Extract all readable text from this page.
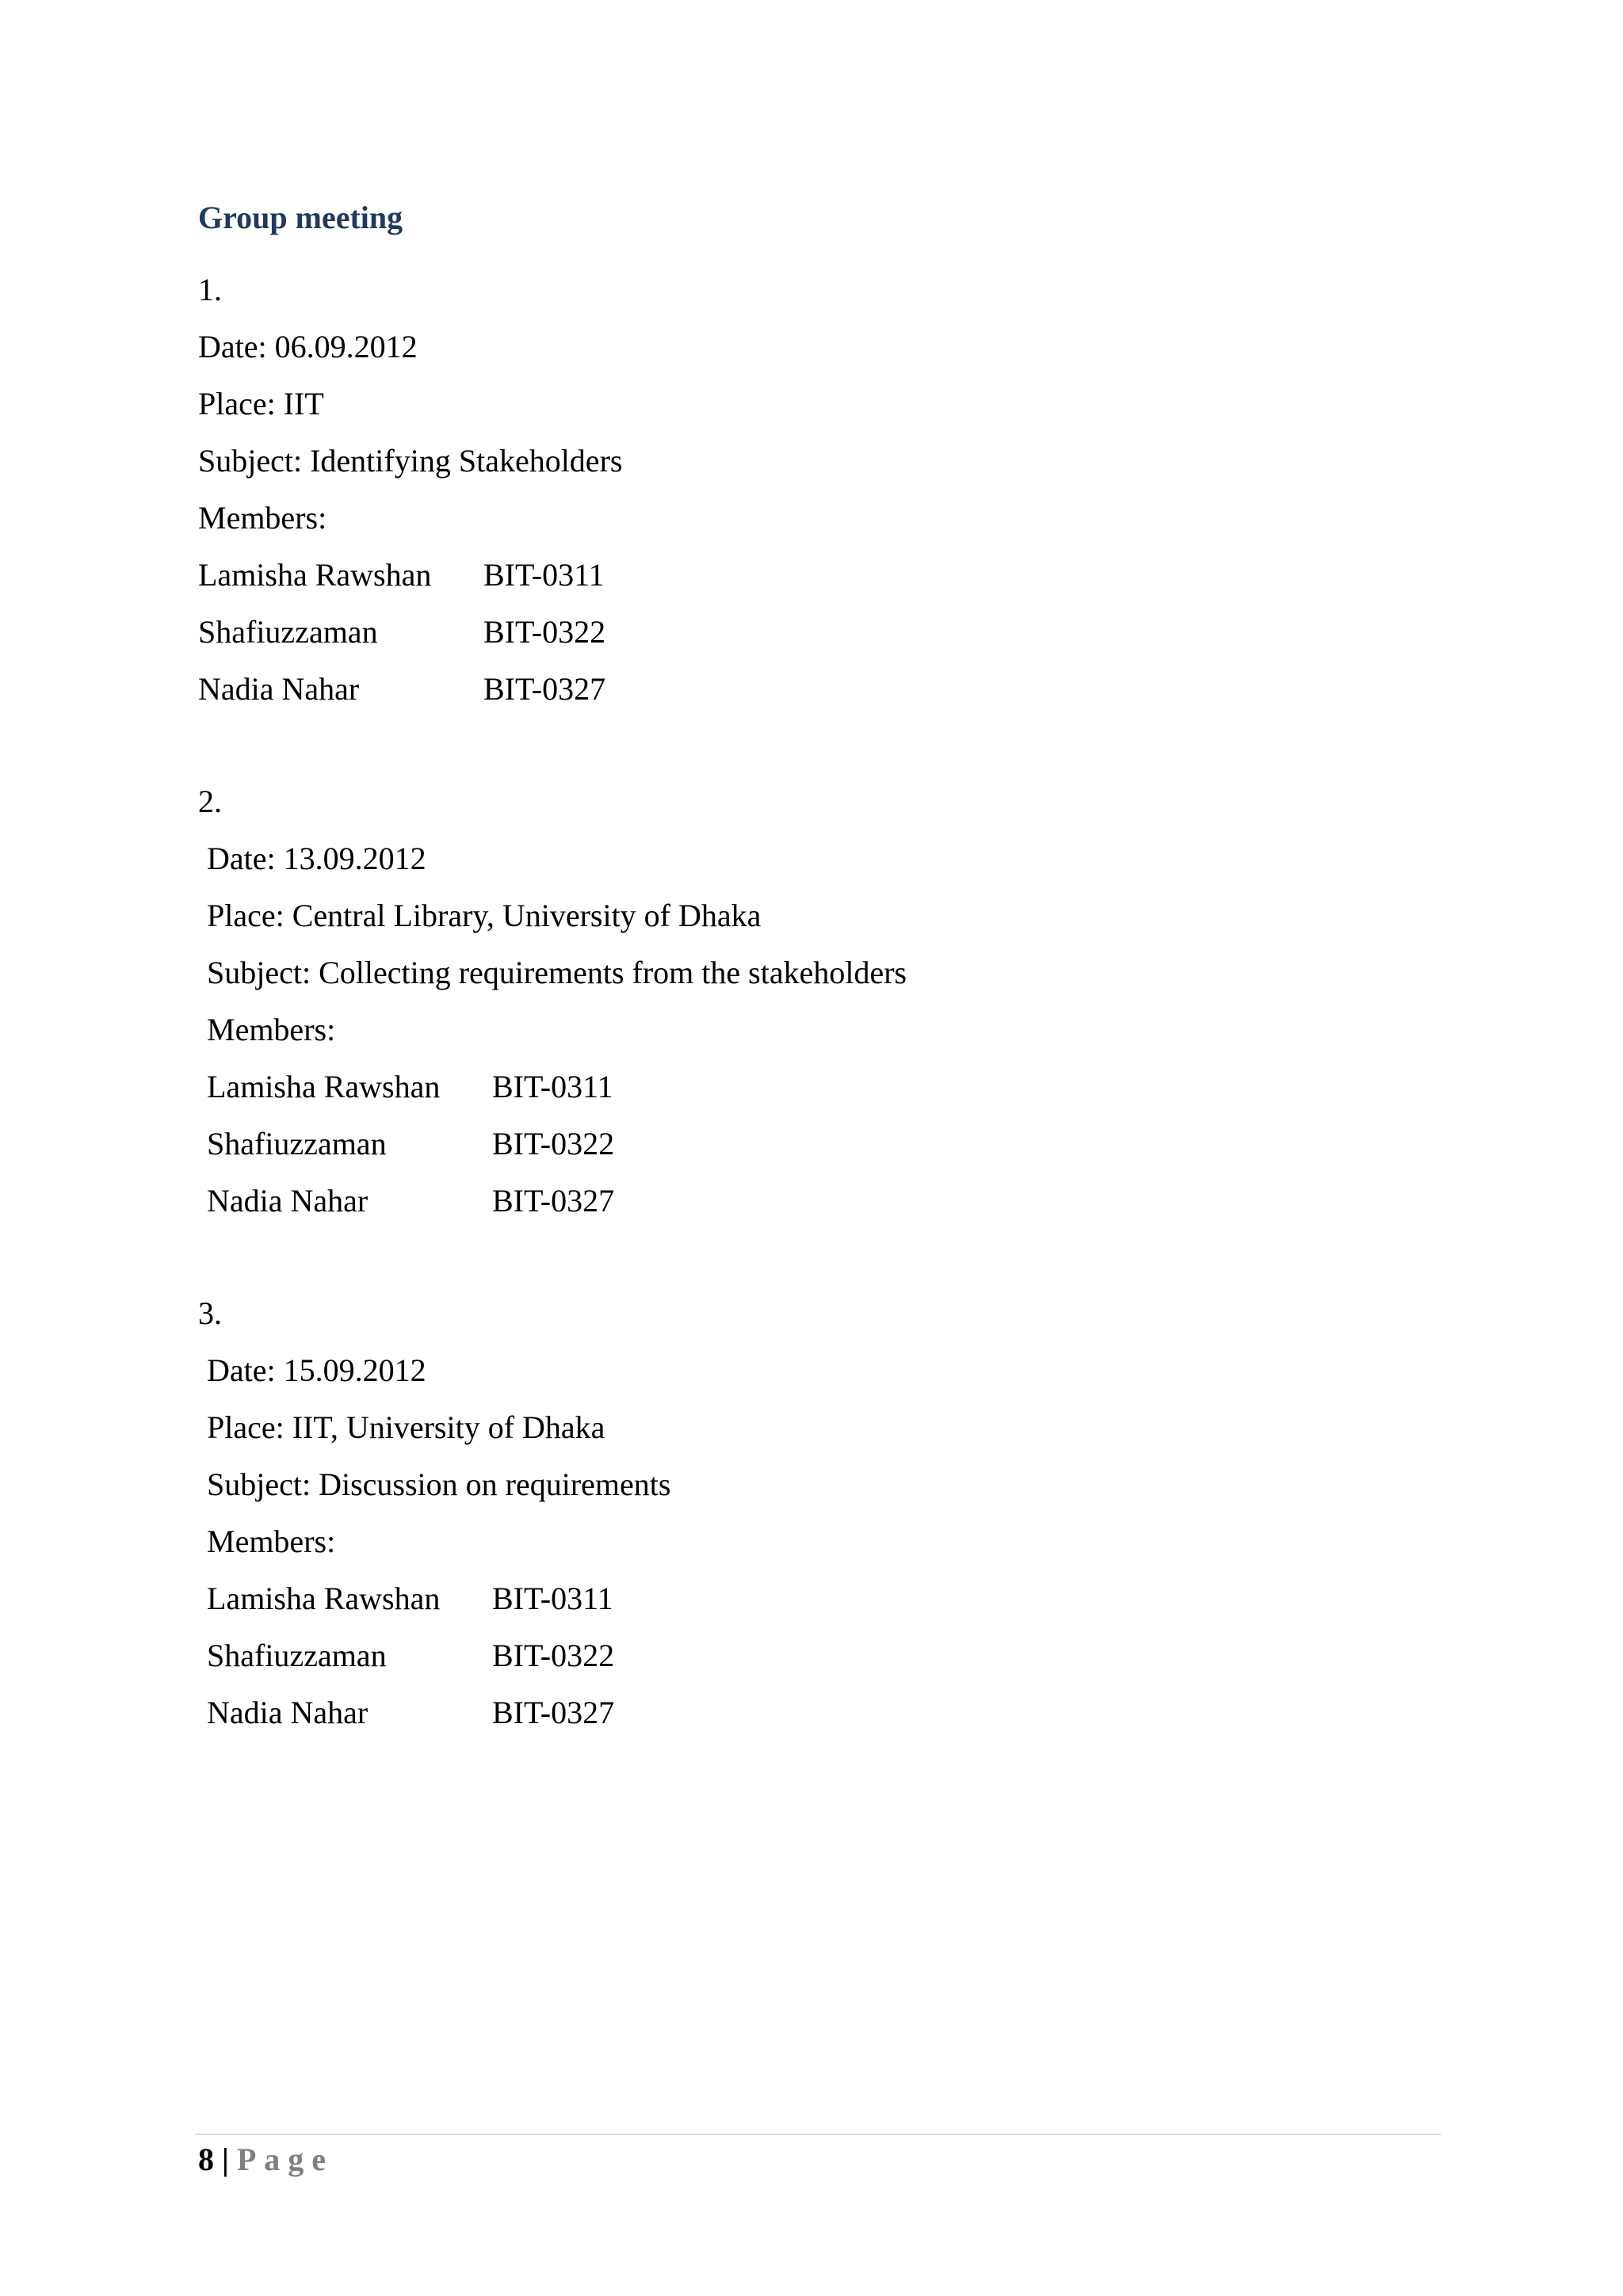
Group meeting
1.
Date: 06.09.2012
Place: IIT
Subject: Identifying Stakeholders
Members:
Lamisha Rawshan BIT-0311
Shafiuzzaman	BIT-0322
Nadia Nahar	BIT-0327
2.
Date: 13.09.2012
Place: Central Library, University of Dhaka
Subject: Collecting requirements from the stakeholders
Members:
Lamisha Rawshan BIT-0311
Shafiuzzaman	BIT-0322
Nadia Nahar	BIT-0327
3.
Date: 15.09.2012
Place: IIT, University of Dhaka
Subject: Discussion on requirements
Members:
Lamisha Rawshan BIT-0311
Shafiuzzaman	BIT-0322
Nadia Nahar	BIT-0327
8 | Page
